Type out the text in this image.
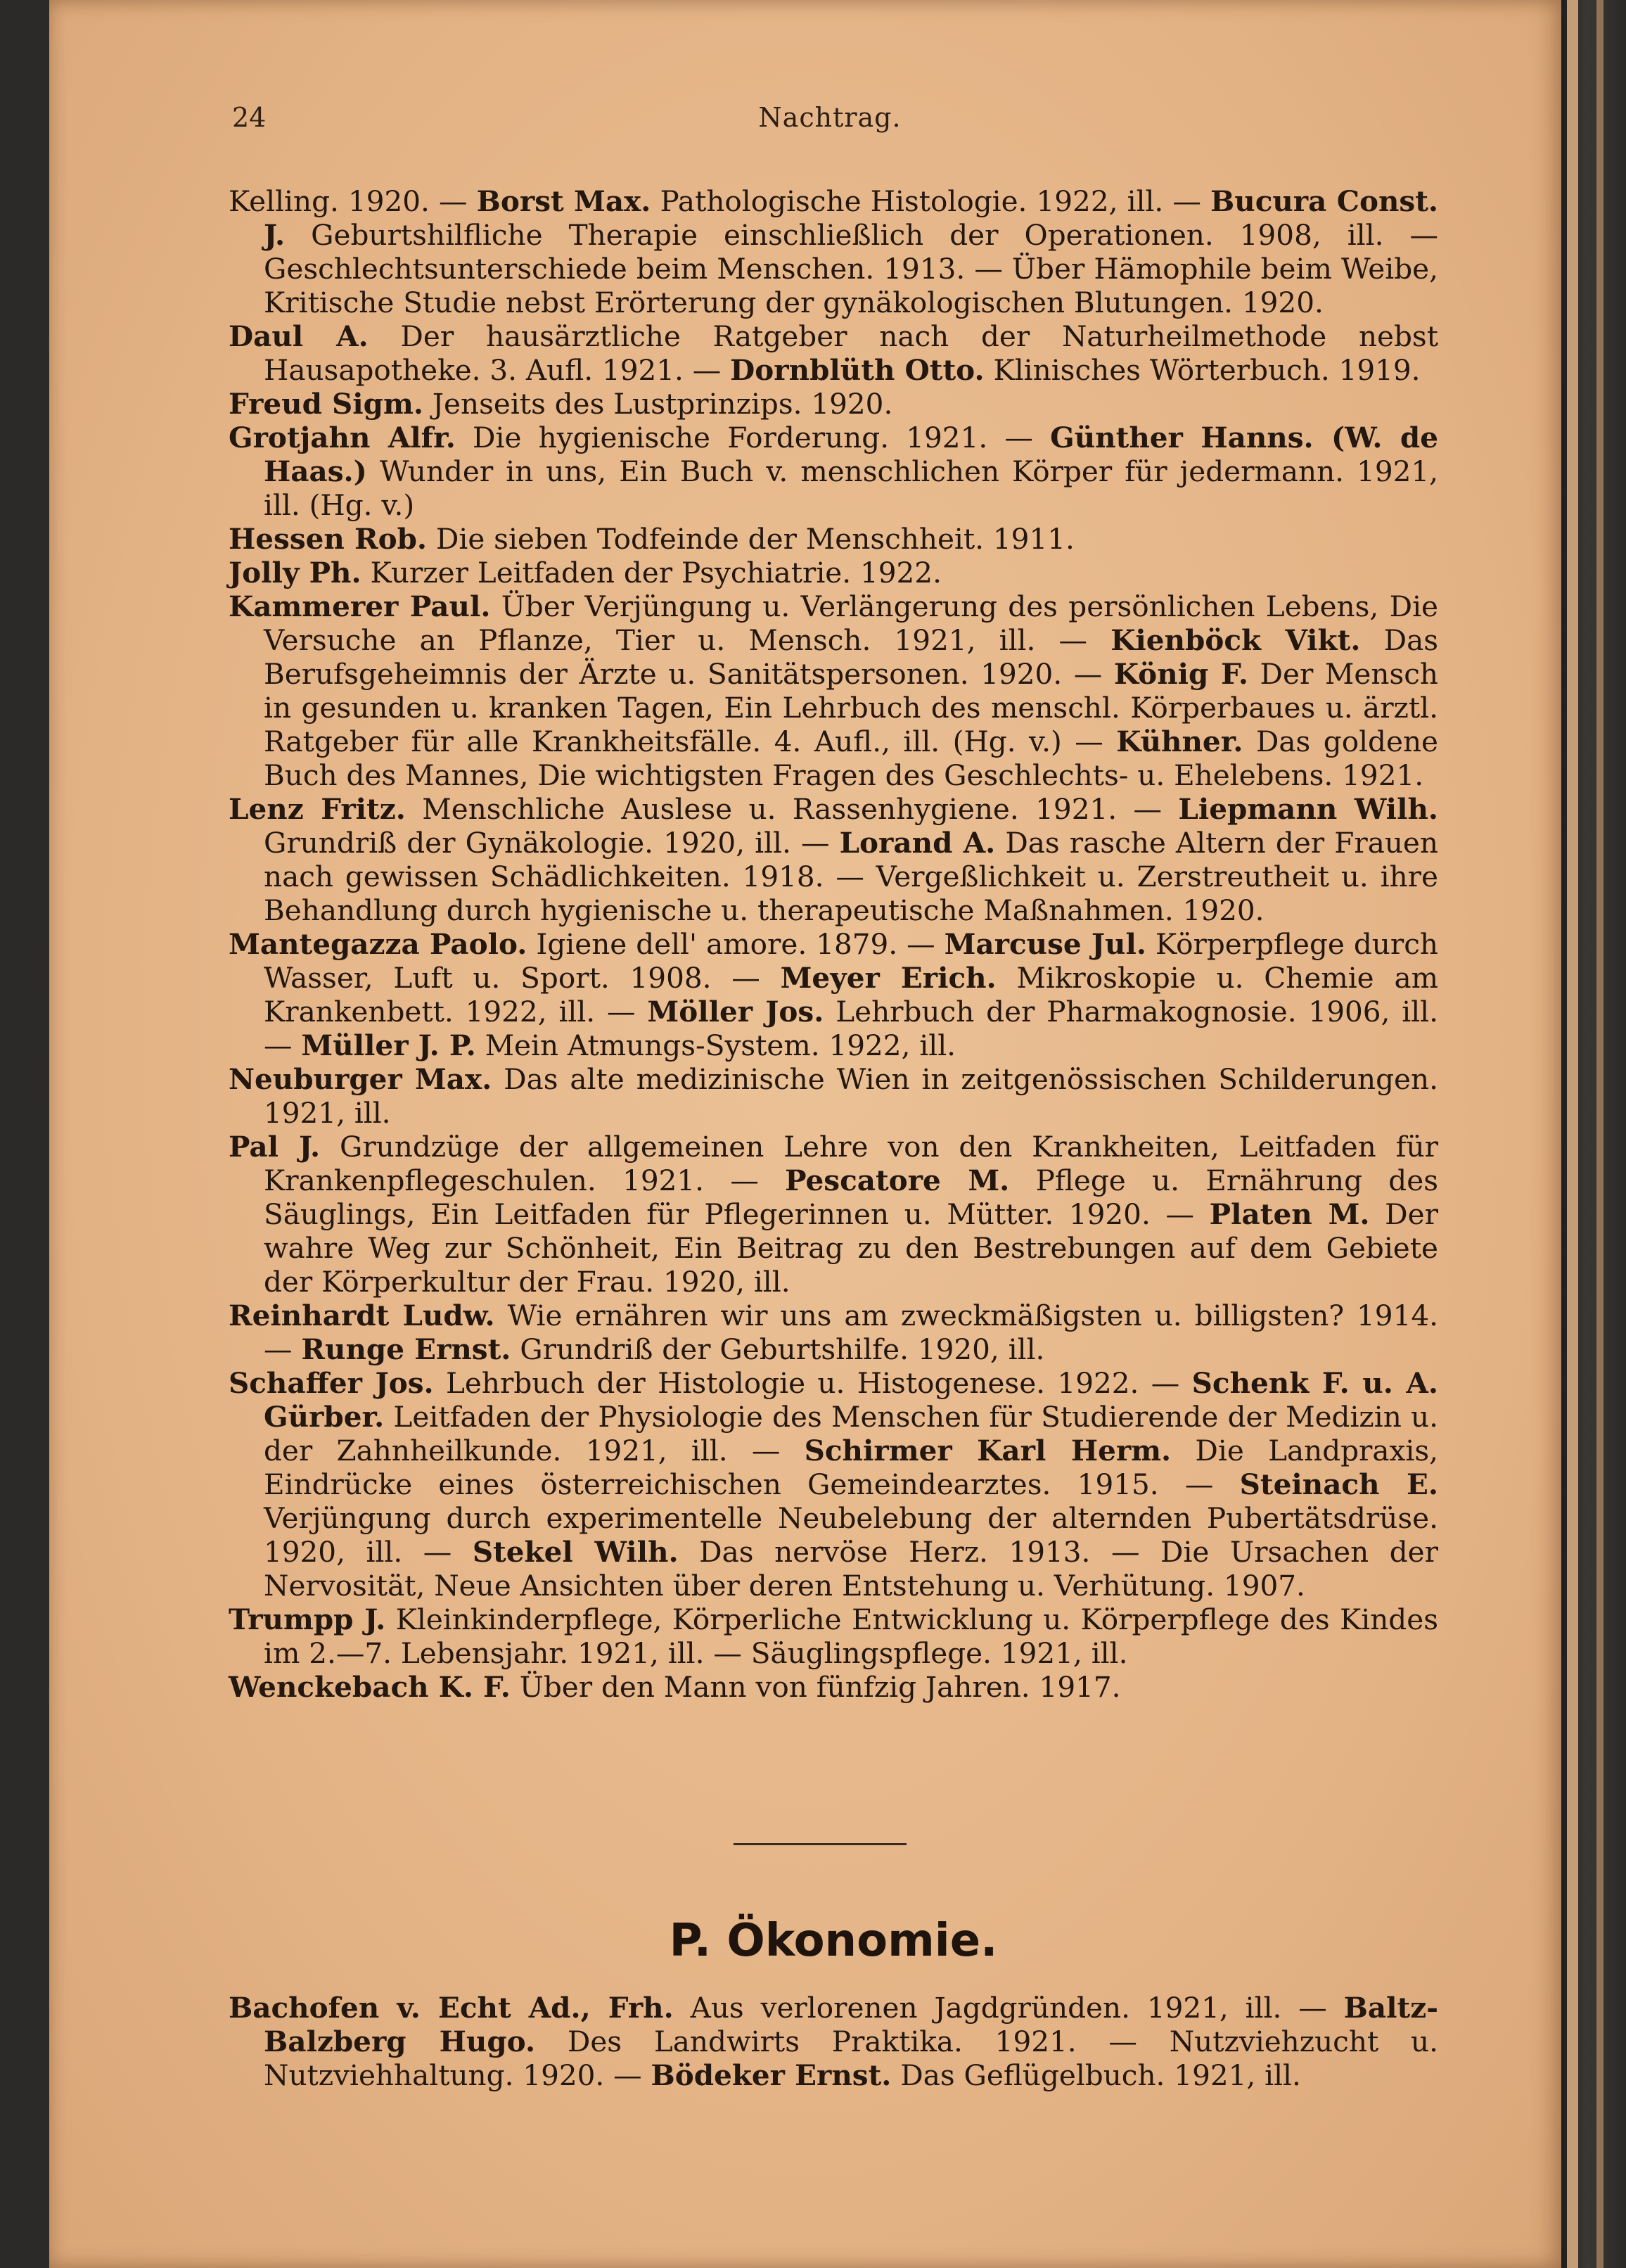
24	Nachtrag.

Kelling. 1920. — Borst Max. Pathologische Histologie. 1922, ill. — Bucura Const. J. Geburtshilfliche Therapie einschließlich der Operationen. 1908, ill. — Geschlechtsunterschiede beim Menschen. 1913. — Über Hämophile beim Weibe, Kritische Studie nebst Erörterung der gynäkologischen Blutungen. 1920.

Daul A. Der hausärztliche Ratgeber nach der Naturheilmethode nebst Hausapotheke. 3. Aufl. 1921. — Dornblüth Otto. Klinisches Wörterbuch. 1919.

Freud Sigm. Jenseits des Lustprinzips. 1920.

Grotjahn Alfr. Die hygienische Forderung. 1921. — Günther Hanns. (W. de Haas.) Wunder in uns, Ein Buch v. menschlichen Körper für jedermann. 1921, ill. (Hg. v.)

Hessen Rob. Die sieben Todfeinde der Menschheit. 1911.

Jolly Ph. Kurzer Leitfaden der Psychiatrie. 1922.

Kammerer Paul. Über Verjüngung u. Verlängerung des persönlichen Lebens, Die Versuche an Pflanze, Tier u. Mensch. 1921, ill. — Kienböck Vikt. Das Berufsgeheimnis der Ärzte u. Sanitätspersonen. 1920. — König F. Der Mensch in gesunden u. kranken Tagen, Ein Lehrbuch des menschl. Körperbaues u. ärztl. Ratgeber für alle Krankheitsfälle. 4. Aufl., ill. (Hg. v.) — Kühner. Das goldene Buch des Mannes, Die wichtigsten Fragen des Geschlechts- u. Ehelebens. 1921.

Lenz Fritz. Menschliche Auslese u. Rassenhygiene. 1921. — Liepmann Wilh. Grundriß der Gynäkologie. 1920, ill. — Lorand A. Das rasche Altern der Frauen nach gewissen Schädlichkeiten. 1918. — Vergeßlichkeit u. Zerstreutheit u. ihre Behandlung durch hygienische u. therapeutische Maßnahmen. 1920.

Mantegazza Paolo. Igiene dell' amore. 1879. — Marcuse Jul. Körperpflege durch Wasser, Luft u. Sport. 1908. — Meyer Erich. Mikroskopie u. Chemie am Krankenbett. 1922, ill. — Möller Jos. Lehrbuch der Pharmakognosie. 1906, ill. — Müller J. P. Mein Atmungs-System. 1922, ill.

Neuburger Max. Das alte medizinische Wien in zeitgenössischen Schilderungen. 1921, ill.

Pal J. Grundzüge der allgemeinen Lehre von den Krankheiten, Leitfaden für Krankenpflegeschulen. 1921. — Pescatore M. Pflege u. Ernährung des Säuglings, Ein Leitfaden für Pflegerinnen u. Mütter. 1920. — Platen M. Der wahre Weg zur Schönheit, Ein Beitrag zu den Bestrebungen auf dem Gebiete der Körperkultur der Frau. 1920, ill.

Reinhardt Ludw. Wie ernähren wir uns am zweckmäßigsten u. billigsten? 1914. — Runge Ernst. Grundriß der Geburtshilfe. 1920, ill.

Schaffer Jos. Lehrbuch der Histologie u. Histogenese. 1922. — Schenk F. u. A. Gürber. Leitfaden der Physiologie des Menschen für Studierende der Medizin u. der Zahnheilkunde. 1921, ill. — Schirmer Karl Herm. Die Landpraxis, Eindrücke eines österreichischen Gemeindearztes. 1915. — Steinach E. Verjüngung durch experimentelle Neubelebung der alternden Pubertätsdrüse. 1920, ill. — Stekel Wilh. Das nervöse Herz. 1913. — Die Ursachen der Nervosität, Neue Ansichten über deren Entstehung u. Verhütung. 1907.

Trumpp J. Kleinkinderpflege, Körperliche Entwicklung u. Körperpflege des Kindes im 2.—7. Lebensjahr. 1921, ill. — Säuglingspflege. 1921, ill.

Wenckebach K. F. Über den Mann von fünfzig Jahren. 1917.

P. Ökonomie.

Bachofen v. Echt Ad., Frh. Aus verlorenen Jagdgründen. 1921, ill. — Baltz-Balzberg Hugo. Des Landwirts Praktika. 1921. — Nutzviehzucht u. Nutzviehhaltung. 1920. — Bödeker Ernst. Das Geflügelbuch. 1921, ill.
